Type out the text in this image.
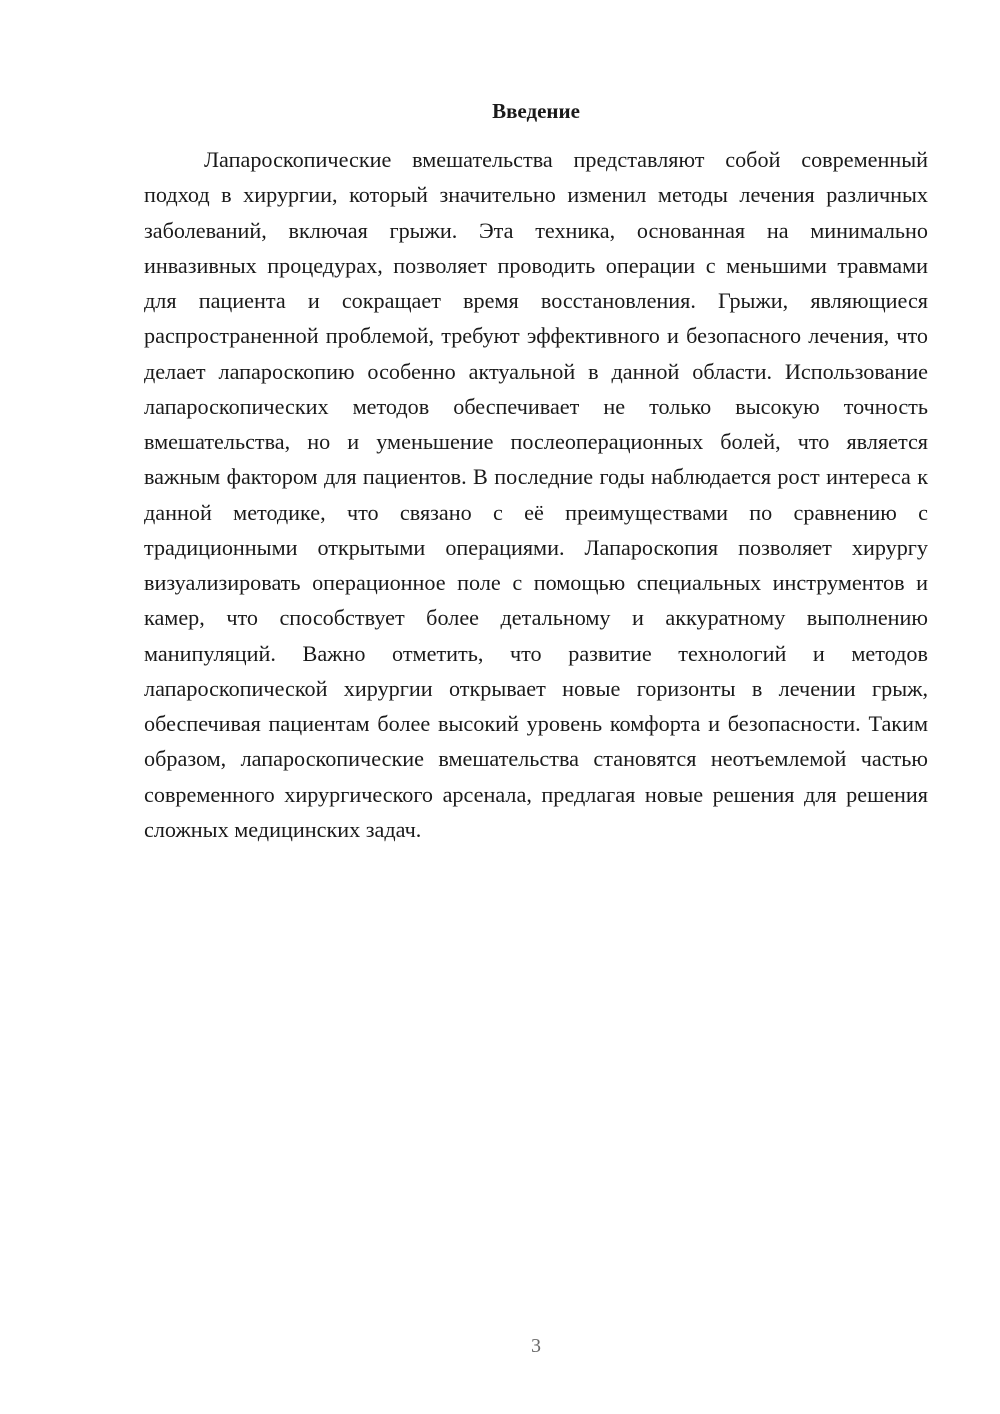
Введение

Лапароскопические вмешательства представляют собой современный подход в хирургии, который значительно изменил методы лечения различных заболеваний, включая грыжи. Эта техника, основанная на минимально инвазивных процедурах, позволяет проводить операции с меньшими травмами для пациента и сокращает время восстановления. Грыжи, являющиеся распространенной проблемой, требуют эффективного и безопасного лечения, что делает лапароскопию особенно актуальной в данной области. Использование лапароскопических методов обеспечивает не только высокую точность вмешательства, но и уменьшение послеоперационных болей, что является важным фактором для пациентов. В последние годы наблюдается рост интереса к данной методике, что связано с её преимуществами по сравнению с традиционными открытыми операциями. Лапароскопия позволяет хирургу визуализировать операционное поле с помощью специальных инструментов и камер, что способствует более детальному и аккуратному выполнению манипуляций. Важно отметить, что развитие технологий и методов лапароскопической хирургии открывает новые горизонты в лечении грыж, обеспечивая пациентам более высокий уровень комфорта и безопасности. Таким образом, лапароскопические вмешательства становятся неотъемлемой частью современного хирургического арсенала, предлагая новые решения для решения сложных медицинских задач.

3
